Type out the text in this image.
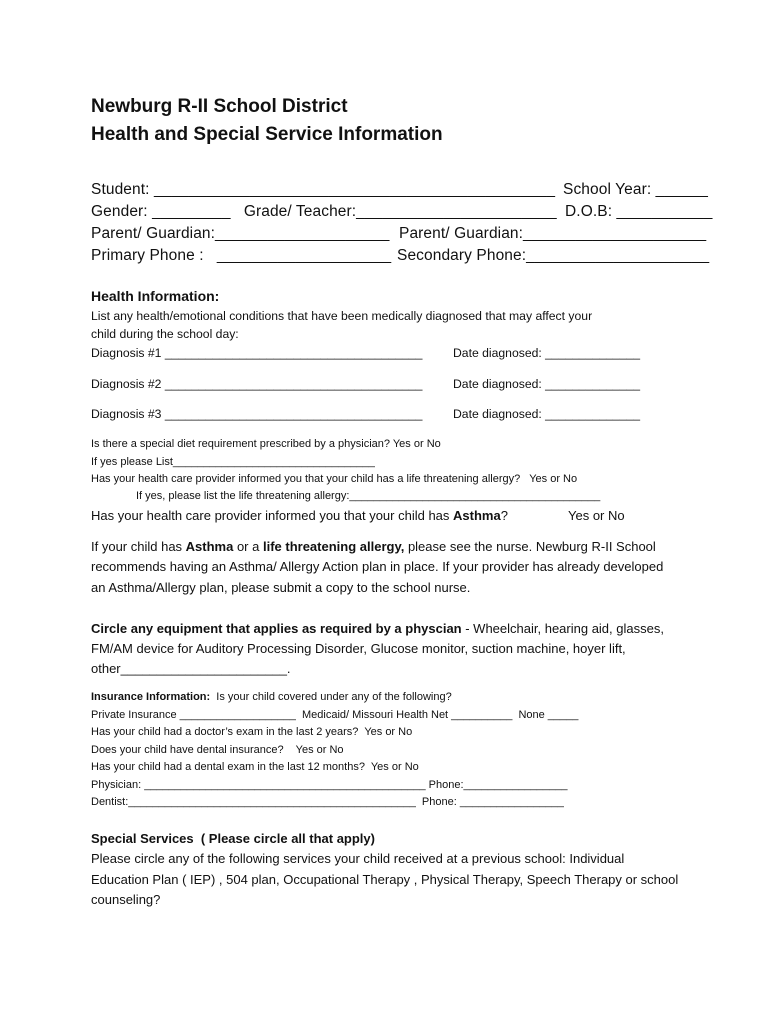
Newburg R-II School District
Health and Special Service Information
Student: ______________________________________________ School Year: ______
Gender: _________   Grade/ Teacher:_______________________ D.O.B: ___________
Parent/ Guardian:____________________ Parent/ Guardian:_____________________
Primary Phone :   ____________________ Secondary Phone:_____________________
Health Information:
List any health/emotional conditions that have been medically diagnosed that may affect your
child during the school day:
Diagnosis #1 ______________________________________	Date diagnosed: ______________
Diagnosis #2 ______________________________________	Date diagnosed: ______________
Diagnosis #3 ______________________________________	Date diagnosed: ______________
Is there a special diet requirement prescribed by a physician? Yes or No
If yes please List_________________________________
Has your health care provider informed you that your child has a life threatening allergy?   Yes or No
If yes, please list the life threatening allergy:_________________________________________
Has your health care provider informed you that your child has Asthma?	Yes or No
If your child has Asthma or a life threatening allergy, please see the nurse. Newburg R-II School
recommends having an Asthma/ Allergy Action plan in place. If your provider has already developed
an Asthma/Allergy plan, please submit a copy to the school nurse.
Circle any equipment that applies as required by a physcian - Wheelchair, hearing aid, glasses,
FM/AM device for Auditory Processing Disorder, Glucose monitor, suction machine, hoyer lift,
other_______________________.
Insurance Information:  Is your child covered under any of the following?
Private Insurance ___________________  Medicaid/ Missouri Health Net __________  None _____
Has your child had a doctor’s exam in the last 2 years?  Yes or No
Does your child have dental insurance?    Yes or No
Has your child had a dental exam in the last 12 months?  Yes or No
Physician: ______________________________________________ Phone:_________________
Dentist:_______________________________________________  Phone: _________________
Special Services  ( Please circle all that apply)
Please circle any of the following services your child received at a previous school: Individual
Education Plan ( IEP) , 504 plan, Occupational Therapy , Physical Therapy, Speech Therapy or school
counseling?
